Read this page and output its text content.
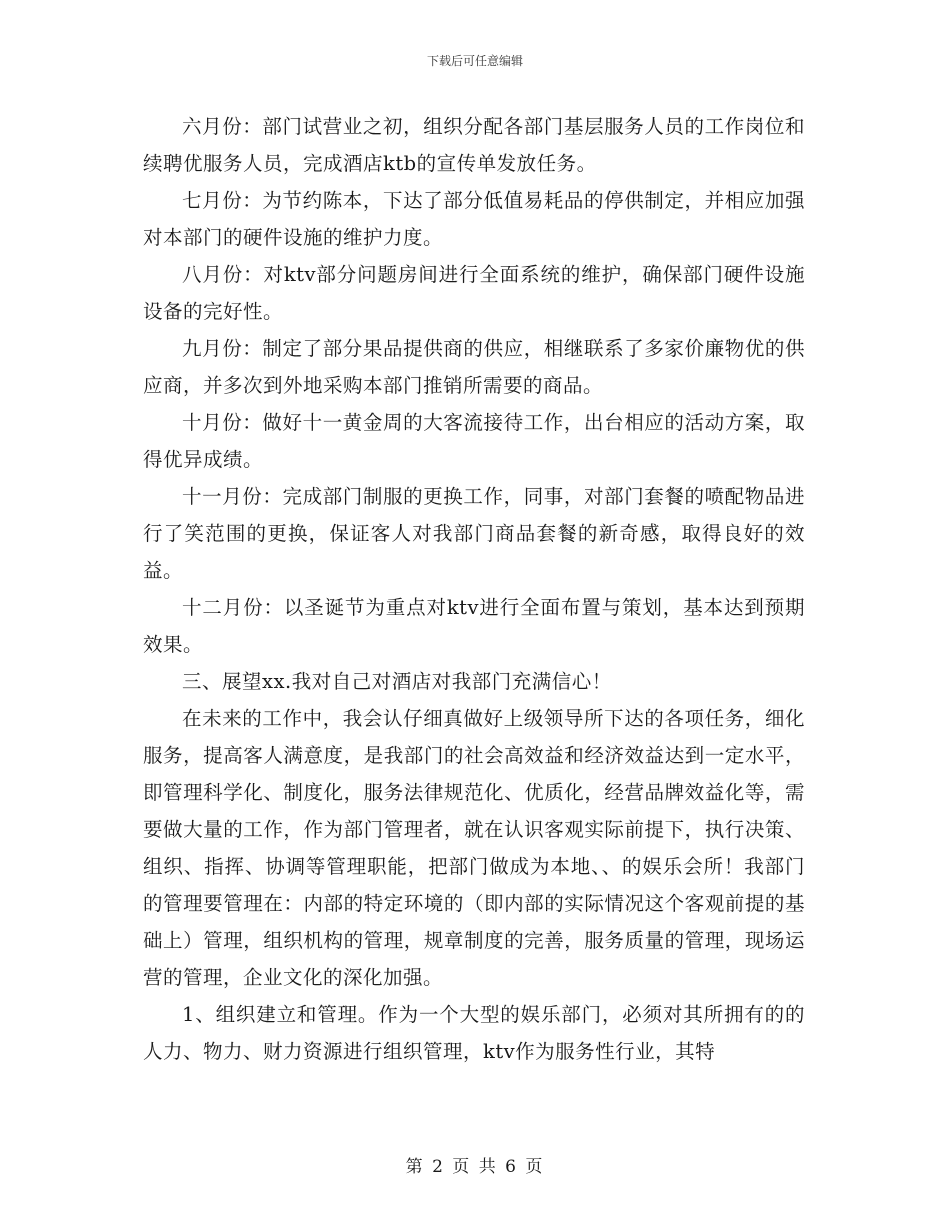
下载后可任意编辑

六月份：部门试营业之初，组织分配各部门基层服务人员的工作岗位和续聘优服务人员，完成酒店ktb的宣传单发放任务。

七月份：为节约陈本，下达了部分低值易耗品的停供制定，并相应加强对本部门的硬件设施的维护力度。

八月份：对ktv部分问题房间进行全面系统的维护，确保部门硬件设施设备的完好性。

九月份：制定了部分果品提供商的供应，相继联系了多家价廉物优的供应商，并多次到外地采购本部门推销所需要的商品。

十月份：做好十一黄金周的大客流接待工作，出台相应的活动方案，取得优异成绩。

十一月份：完成部门制服的更换工作，同事，对部门套餐的喷配物品进行了笑范围的更换，保证客人对我部门商品套餐的新奇感，取得良好的效益。

十二月份：以圣诞节为重点对ktv进行全面布置与策划，基本达到预期效果。

三、展望xx.我对自己对酒店对我部门充满信心！

在未来的工作中，我会认仔细真做好上级领导所下达的各项任务，细化服务，提高客人满意度，是我部门的社会高效益和经济效益达到一定水平，即管理科学化、制度化，服务法律规范化、优质化，经营品牌效益化等，需要做大量的工作，作为部门管理者，就在认识客观实际前提下，执行决策、组织、指挥、协调等管理职能，把部门做成为本地、、的娱乐会所！我部门的管理要管理在：内部的特定环境的（即内部的实际情况这个客观前提的基础上）管理，组织机构的管理，规章制度的完善，服务质量的管理，现场运营的管理，企业文化的深化加强。

1、组织建立和管理。作为一个大型的娱乐部门，必须对其所拥有的的人力、物力、财力资源进行组织管理，ktv作为服务性行业，其特

第 2 页 共 6 页
